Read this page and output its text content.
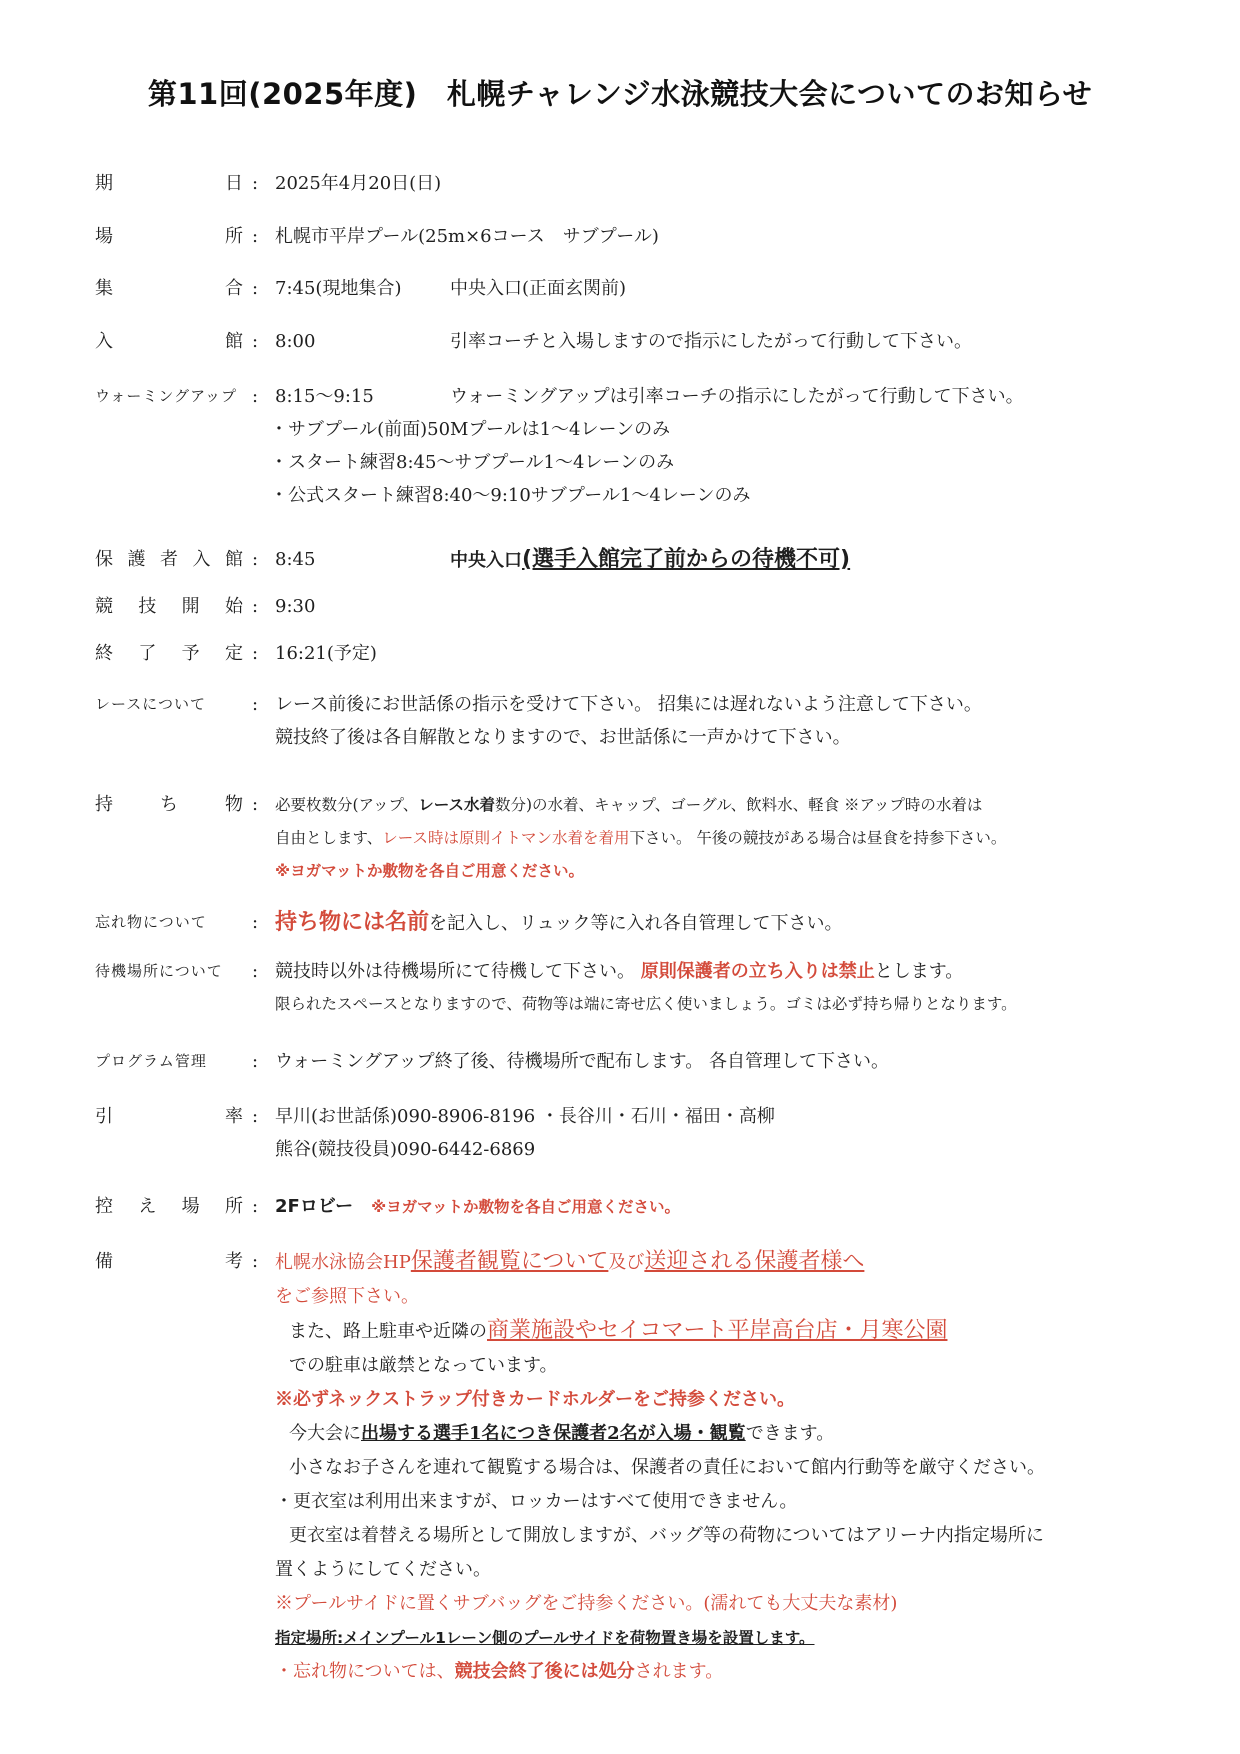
第11回(2025年度)　札幌チャレンジ水泳競技大会についてのお知らせ
期	日 : 2025年4月20日(日)
場	所 : 札幌市平岸プール(25m×6コース　サブプール)
集	合 : 7:45(現地集合)	中央入口(正面玄関前)
入	館 : 8:00	引率コーチと入場しますので指示にしたがって行動して下さい。
ウォーミングアップ : 8:15〜9:15	ウォーミングアップは引率コーチの指示にしたがって行動して下さい。
・サブプール(前面)50Mプールは1〜4レーンのみ
・スタート練習8:45〜サブプール1〜4レーンのみ
・公式スタート練習8:40〜9:10サブプール1〜4レーンのみ
保 護 者 入 館 : 8:45	中央入口(選手入館完了前からの待機不可)
競 技 開 始 : 9:30
終 了 予 定 : 16:21(予定)
レースについて	: レース前後にお世話係の指示を受けて下さい。 招集には遅れないよう注意して下さい。
競技終了後は各自解散となりますので、お世話係に一声かけて下さい。
持	ち	物 : 必要枚数分(アップ、レース水着数分)の水着、キャップ、ゴーグル、飲料水、軽食 ※アップ時の水着は
自由とします、レース時は原則イトマン水着を着用下さい。 午後の競技がある場合は昼食を持参下さい。
※ヨガマットか敷物を各自ご用意ください。
忘れ物について	: 持ち物には名前を記入し、リュック等に入れ各自管理して下さい。
待機場所について	: 競技時以外は待機場所にて待機して下さい。 原則保護者の立ち入りは禁止とします。
限られたスペースとなりますので、荷物等は端に寄せ広く使いましょう。ゴミは必ず持ち帰りとなります。
プログラム管理	: ウォーミングアップ終了後、待機場所で配布します。 各自管理して下さい。
引	率 : 早川(お世話係)090-8906-8196 ・長谷川・石川・福田・高柳
熊谷(競技役員)090-6442-6869
控 え 場 所 : 2Fロビー　 ※ヨガマットか敷物を各自ご用意ください。
備	考 : 札幌水泳協会HP保護者観覧について及び送迎される保護者様へ
をご参照下さい。
また、路上駐車や近隣の商業施設やセイコマート平岸高台店・月寒公園
での駐車は厳禁となっています。
※必ずネックストラップ付きカードホルダーをご持参ください。
今大会に出場する選手1名につき保護者2名が入場・観覧できます。
小さなお子さんを連れて観覧する場合は、保護者の責任において館内行動等を厳守ください。
・更衣室は利用出来ますが、ロッカーはすべて使用できません。
更衣室は着替える場所として開放しますが、バッグ等の荷物についてはアリーナ内指定場所に
置くようにしてください。
※プールサイドに置くサブバッグをご持参ください。(濡れても大丈夫な素材)
指定場所:メインプール1レーン側のプールサイドを荷物置き場を設置します。
・忘れ物については、競技会終了後には処分されます。
